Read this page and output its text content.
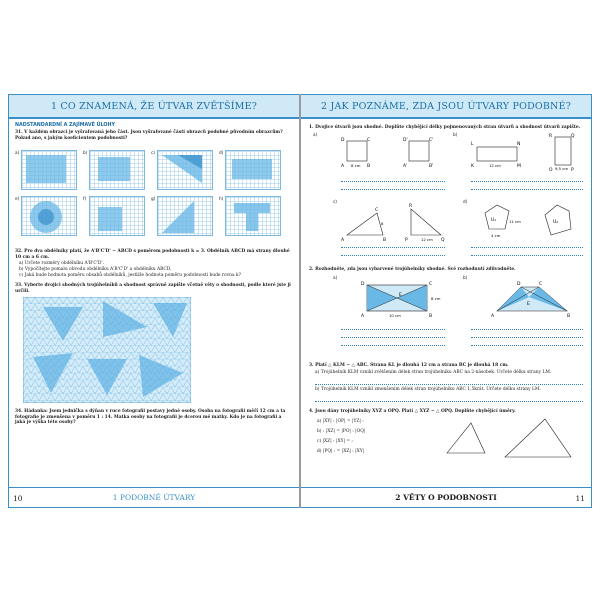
1 CO ZNAMENÁ, ŽE ÚTVAR ZVĚTŠÍME?
NADSTANDARDNÍ A ZAJÍMAVÉ ÚLOHY
31. V každém obrazci je vyšrafovaná jeho část. Jsou vyšrafované části obrazců podobné původním obrazcům? Pokud ano, s jakým koeficientem podobnosti?
a)	b)	c)	d)
e)	f)	g)	h)
32. Pro dva obdélníky platí, že A'B'C'D' ~ ABCD s poměrem podobnosti k = 3. Obdélník ABCD má strany dlouhé 10 cm a 6 cm.
a) Určete rozměry obdélníku A'B'C'D'.
b) Vypočítejte pomalu obvodu obdélníku A'B'C'D' a obdélníku ABCD.
c) Jaká bude hodnota poměru obsahů obdélníků, jestliže hodnota poměru podobnosti bude rovna k?
33. Vyberte dvojici shodných trojúhelníků a shodnost správně zapište včetně věty o shodnosti, podle které jste ji určili.
34. Hádanka: Jsem jednička s dýňan v ruce fotografii postavy jedné osoby. Osoba na fotografii měří 12 cm a ta fotografie je zmenšena v poměru 1 : 14. Matka osoby na fotografii je dcerou mé matky. Kdo je na fotografii a jaká je výška této osoby?
10	1 PODOBNÉ ÚTVARY
2 JAK POZNÁME, ZDA JSOU ÚTVARY PODOBNÉ?
1. Dvojice útvarů jsou shodné. Doplňte chybějící délky pojmenovaných stran útvarů a shodnost útvarů zapište.
a)	b)
D	C
A	B
D'	C'
A'	B'
8 cm
L
K
N
M
R	Q
O	P
12 cm
9,5 cm
c)	d)
C
R
A	B	P	Q
8
12 cm
U₁	U₂
11 cm
4 cm
2. Rozhodněte, zda jsou vybarvené trojúhelníky shodné. Své rozhodnutí zdůvodněte.
a)	b)
D	C
E
A	B
8 cm
10 cm
D	C
E
A	B
3. Platí △ KLM ~ △ ABC. Strana KL je dlouhá 12 cm a strana BC je dlouhá 18 cm.
a) Trojúhelník KLM vznikl zvětšením délek stran trojúhelníku ABC na 2-násobek. Určete délku strany LM.
b) Trojúhelník KLM vznikl zmenšením délek stran trojúhelníku ABC 1,5krát. Určete délku strany LM.
4. Jsou dány trojúhelníky XYZ a OPQ. Platí △ XYZ ~ △ OPQ. Doplňte chybějící úměry.
a) |XY| : |OP| = |YZ| :
b) : |XZ| = |PO| : |OQ|
c) |XZ| : |XY| = :
d) |PQ| : = |XZ| : |XY|
2 VĚTY O PODOBNOSTI	11
